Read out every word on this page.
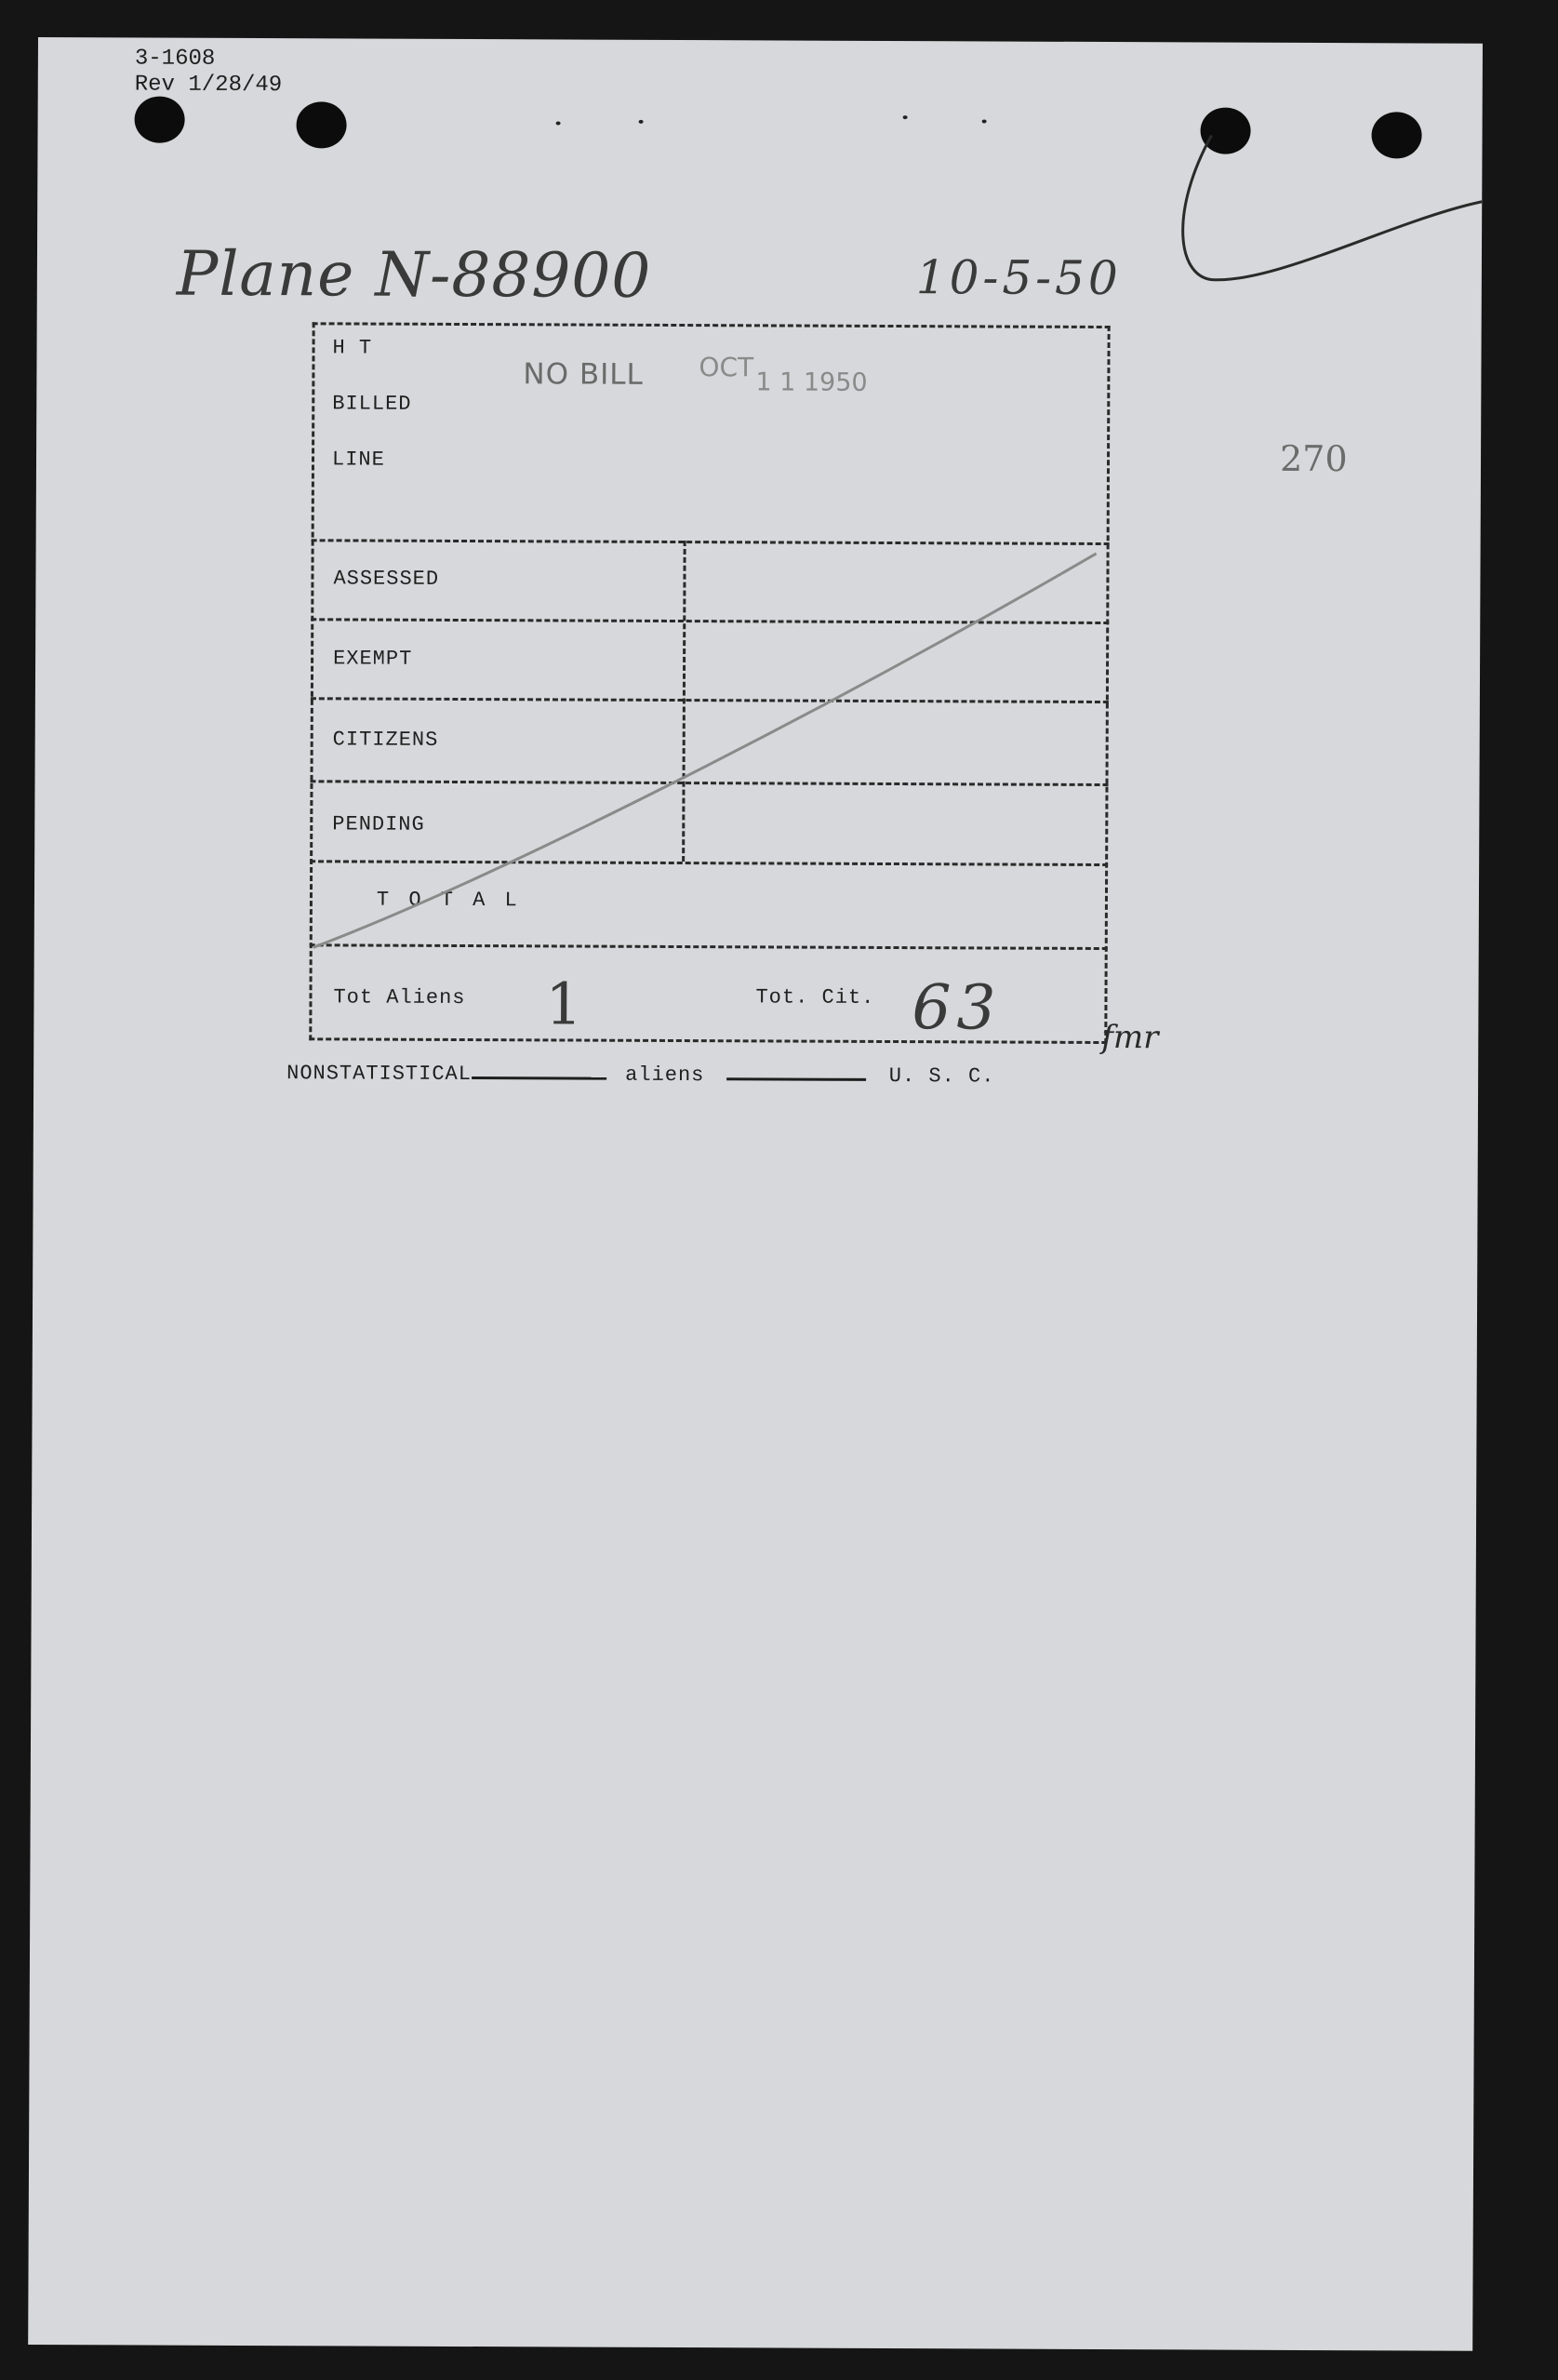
3-1608
Rev 1/28/49
Plane N-88900	10-5-50
270
H T
BILLED
LINE
NO BILL OCT 1 1 1950
ASSESSED
EXEMPT
CITIZENS
PENDING
T O T A L
Tot Aliens 1	Tot. Cit. 63	fmr
NONSTATISTICAL	aliens	U. S. C.
